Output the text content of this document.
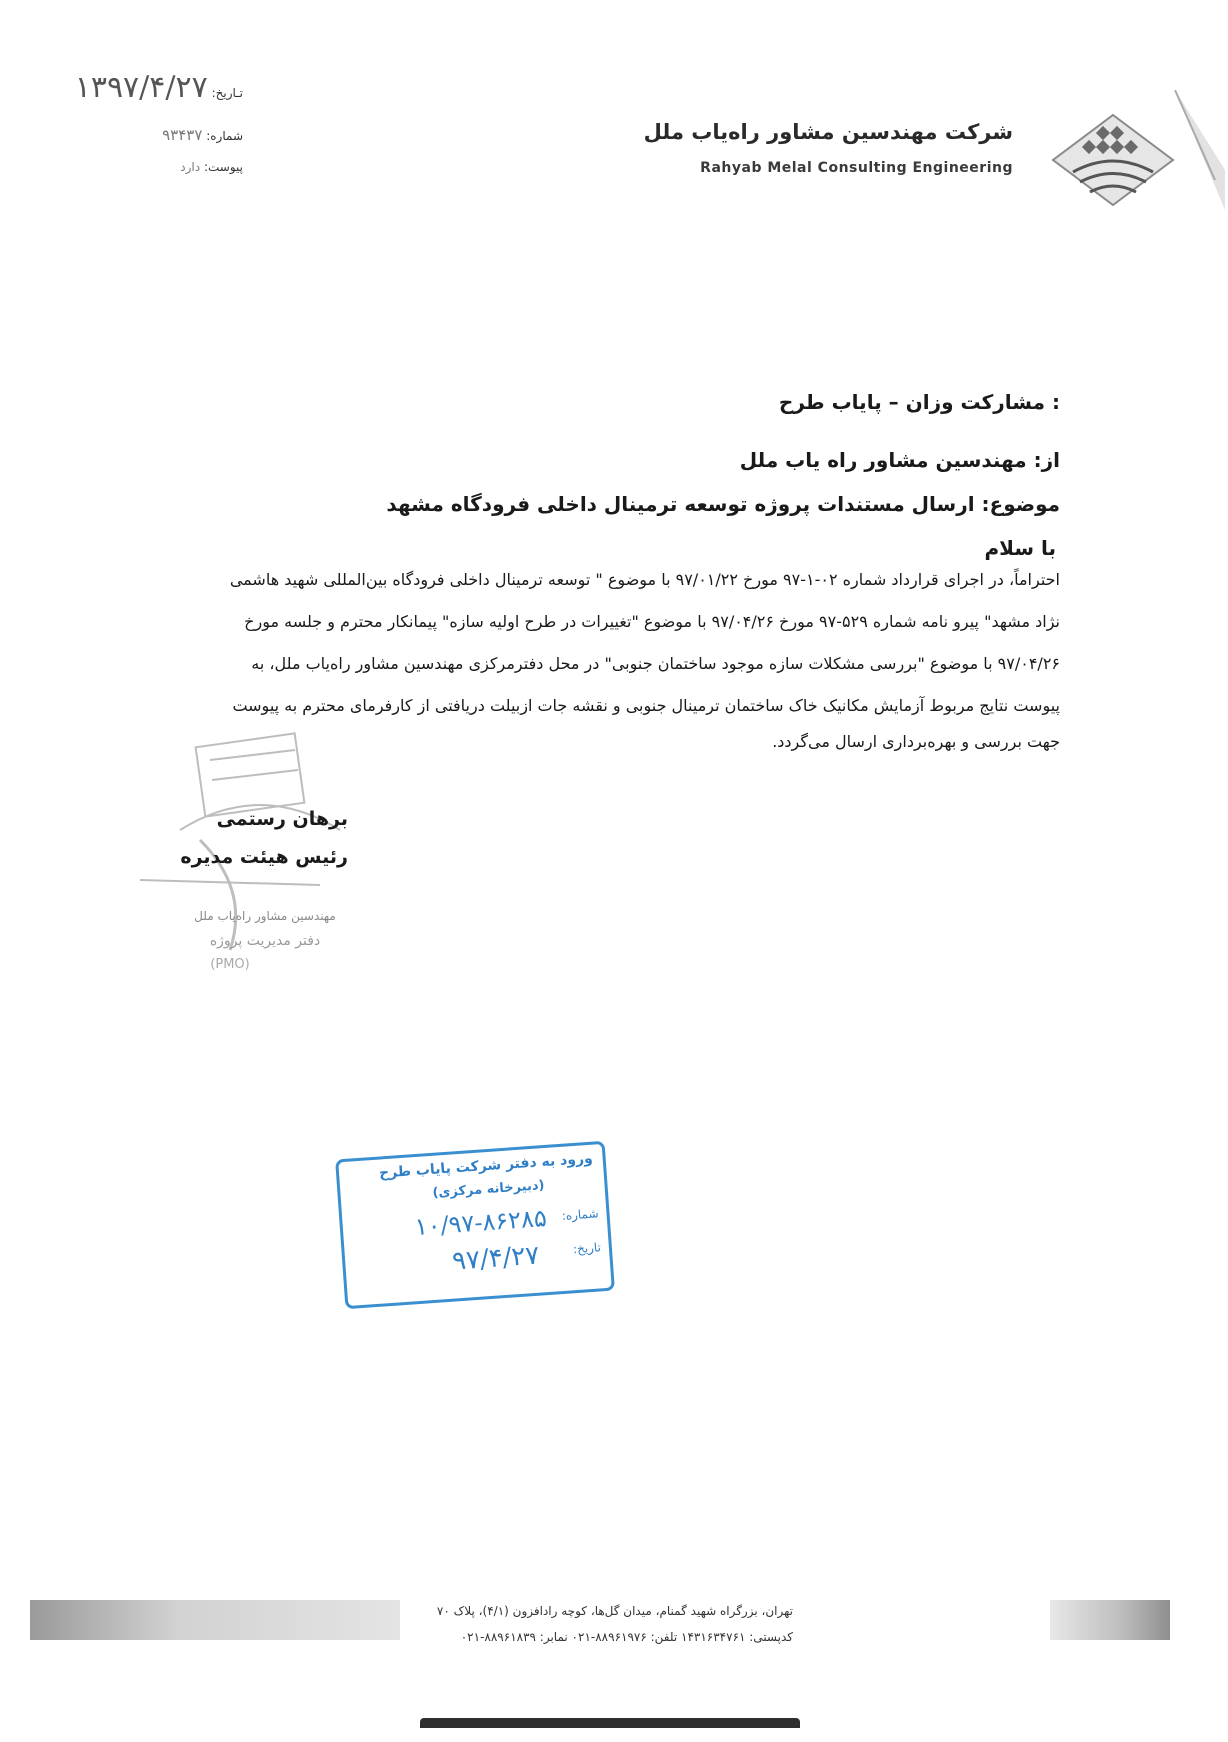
تـاریخ: ۱۳۹۷/۴/۲۷
شماره: ۹۳۴۳۷
پیوست: دارد
شرکت مهندسین مشاور راه‌یاب ملل
Rahyab Melal Consulting Engineering
: مشارکت وزان – پایاب طرح
از: مهندسین مشاور راه یاب ملل
موضوع: ارسال مستندات پروژه توسعه ترمینال داخلی فرودگاه مشهد
با سلام
احتراماً، در اجرای قرارداد شماره ۰۲-۱-۹۷ مورخ ۹۷/۰۱/۲۲ با موضوع " توسعه ترمینال داخلی فرودگاه بین‌المللی شهید هاشمی
نژاد مشهد" پیرو نامه شماره ۵۲۹-۹۷ مورخ ۹۷/۰۴/۲۶ با موضوع "تغییرات در طرح اولیه سازه" پیمانکار محترم و جلسه مورخ
۹۷/۰۴/۲۶ با موضوع "بررسی مشکلات سازه موجود ساختمان جنوبی" در محل دفترمرکزی مهندسین مشاور راه‌یاب ملل، به
پیوست نتایج مربوط آزمایش مکانیک خاک ساختمان ترمینال جنوبی و نقشه جات ازبیلت دریافتی از کارفرمای محترم به پیوست
جهت بررسی و بهره‌برداری ارسال می‌گردد.
مهندسین مشاور راه‌یاب ملل
دفتر مدیریت پروژه
(PMO)
برهان رستمی
رئیس هیئت مدیره
ورود به دفتر شرکت پایاب طرح
(دبیرخانه مرکزی)
شماره:
۱۰/۹۷-۸۶۲۸۵
تاریخ:
۹۷/۴/۲۷
تهران، بزرگراه شهید گمنام، میدان گل‌ها، کوچه رادافزون (۴/۱)، پلاک ۷۰
کدپستی: ۱۴۳۱۶۳۴۷۶۱ تلفن: ۸۸۹۶۱۹۷۶-۰۲۱ نمابر: ۸۸۹۶۱۸۳۹-۰۲۱
